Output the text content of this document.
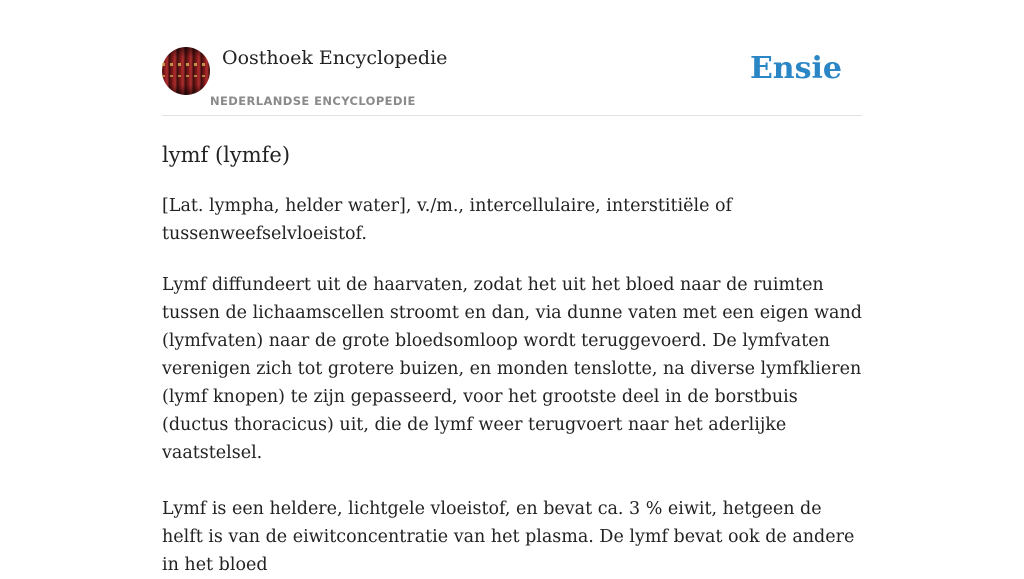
Oosthoek Encyclopedie
NEDERLANDSE ENCYCLOPEDIE
Ensie
lymf (lymfe)

[Lat. lympha, helder water], v./m., intercellulaire, interstitiële of tussenweefselvloeistof.

Lymf diffundeert uit de haarvaten, zodat het uit het bloed naar de ruimten tussen de lichaamscellen stroomt en dan, via dunne vaten met een eigen wand (lymfvaten) naar de grote bloedsomloop wordt teruggevoerd. De lymfvaten verenigen zich tot grotere buizen, en monden tenslotte, na diverse lymfklieren (lymf knopen) te zijn gepasseerd, voor het grootste deel in de borstbuis (ductus thoracicus) uit, die de lymf weer terugvoert naar het aderlijke vaatstelsel.

Lymf is een heldere, lichtgele vloeistof, en bevat ca. 3 % eiwit, hetgeen de helft is van de eiwitconcentratie van het plasma. De lymf bevat ook de andere in het bloed
